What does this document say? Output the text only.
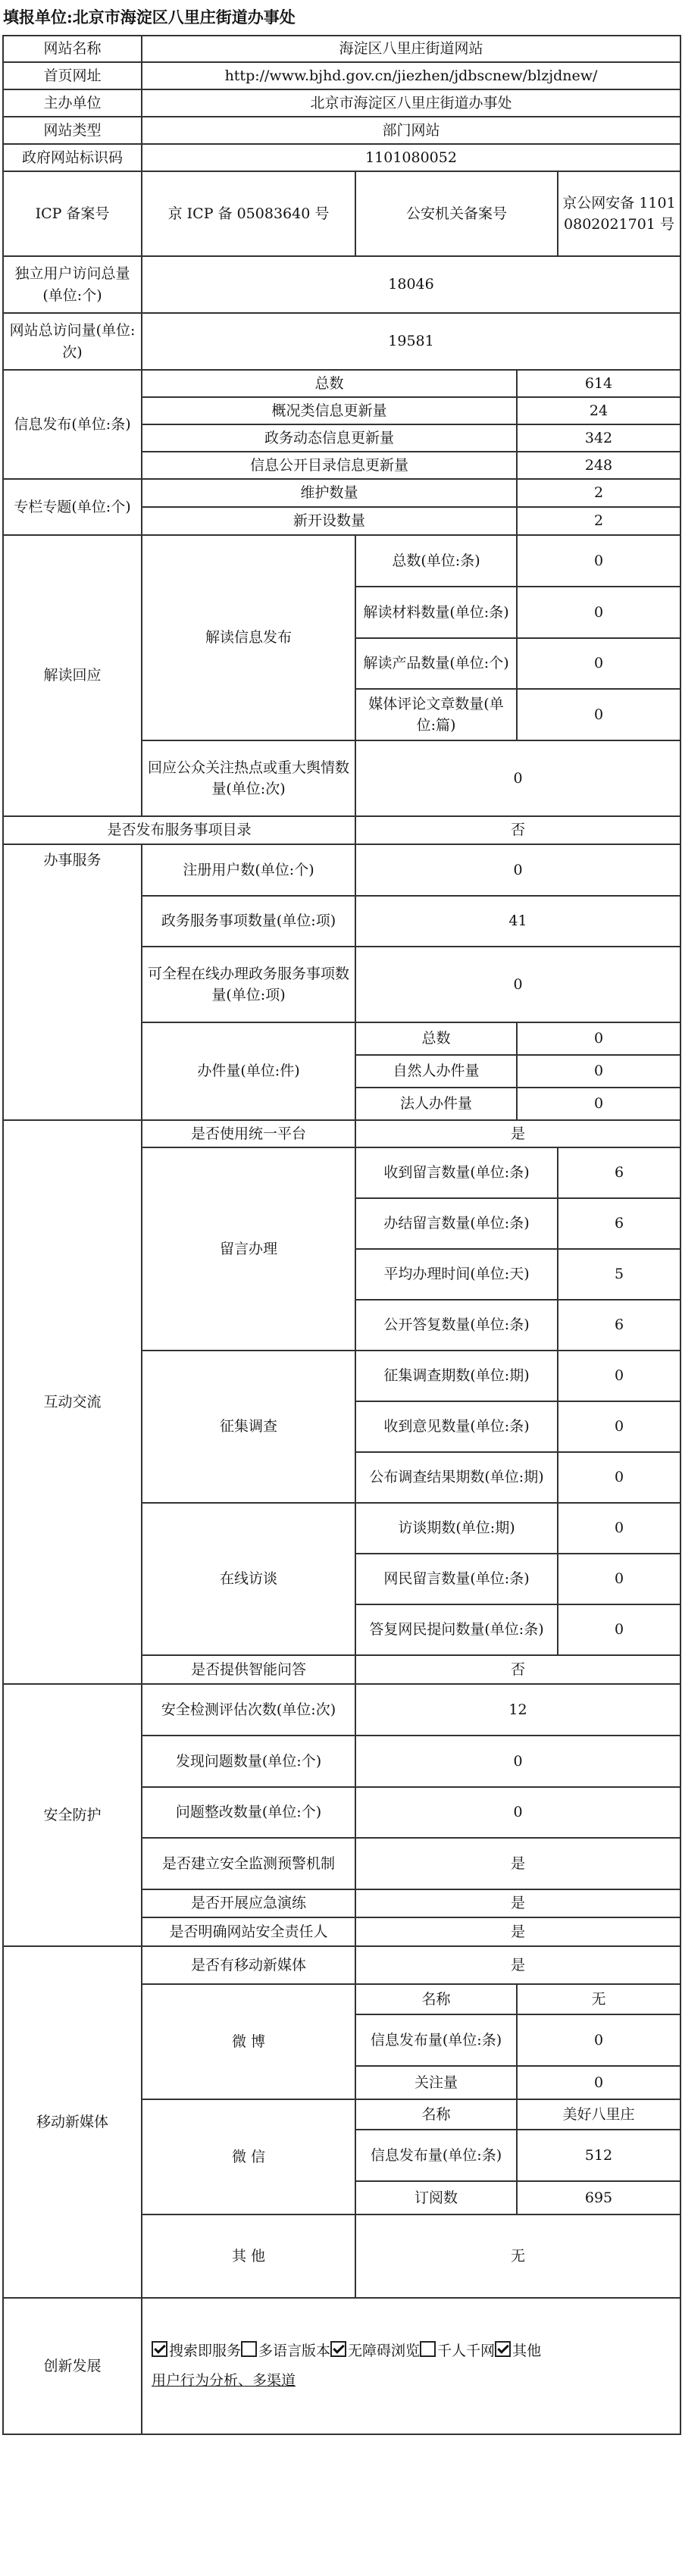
填报单位:北京市海淀区八里庄街道办事处
网站名称	海淀区八里庄街道网站			
首页网址	http://www.bjhd.gov.cn/jiezhen/jdbscnew/blzjdnew/			
主办单位	北京市海淀区八里庄街道办事处			
网站类型	部门网站			
政府网站标识码	1101080052			
ICP 备案号	京 ICP 备 05083640 号	公安机关备案号		京公网安备 11010802021701 号
独立用户访问总量(单位:个)	18046			
网站总访问量(单位:次)	19581			
信息发布(单位:条)	总数		614	
	概况类信息更新量		24	
	政务动态信息更新量		342	
	信息公开目录信息更新量		248	
专栏专题(单位:个)	维护数量		2	
	新开设数量		2	
解读回应	解读信息发布	总数(单位:条)	0	
		解读材料数量(单位:条)	0	
		解读产品数量(单位:个)	0	
		媒体评论文章数量(单位:篇)	0	
	回应公众关注热点或重大舆情数量(单位:次)	0		
是否发布服务事项目录		否		
办事服务	注册用户数(单位:个)	0		
	政务服务事项数量(单位:项)	41		
	可全程在线办理政务服务事项数量(单位:项)	0		
	办件量(单位:件)	总数	0	
		自然人办件量	0	
		法人办件量	0	
互动交流	是否使用统一平台	是		
	留言办理	收到留言数量(单位:条)		6
		办结留言数量(单位:条)		6
		平均办理时间(单位:天)		5
		公开答复数量(单位:条)		6
	征集调查	征集调查期数(单位:期)		0
		收到意见数量(单位:条)		0
		公布调查结果期数(单位:期)		0
	在线访谈	访谈期数(单位:期)		0
		网民留言数量(单位:条)		0
		答复网民提问数量(单位:条)		0
	是否提供智能问答	否		
安全防护	安全检测评估次数(单位:次)	12		
	发现问题数量(单位:个)	0		
	问题整改数量(单位:个)	0		
	是否建立安全监测预警机制	是		
	是否开展应急演练	是		
	是否明确网站安全责任人	是		
移动新媒体	是否有移动新媒体	是		
	微 博	名称	无	
		信息发布量(单位:条)	0	
		关注量	0	
	微 信	名称	美好八里庄	
		信息发布量(单位:条)	512	
		订阅数	695	
	其 他	无		
创新发展	搜索即服务 多语言版本 无障碍浏览 千人千网 其他
用户行为分析、多渠道			
